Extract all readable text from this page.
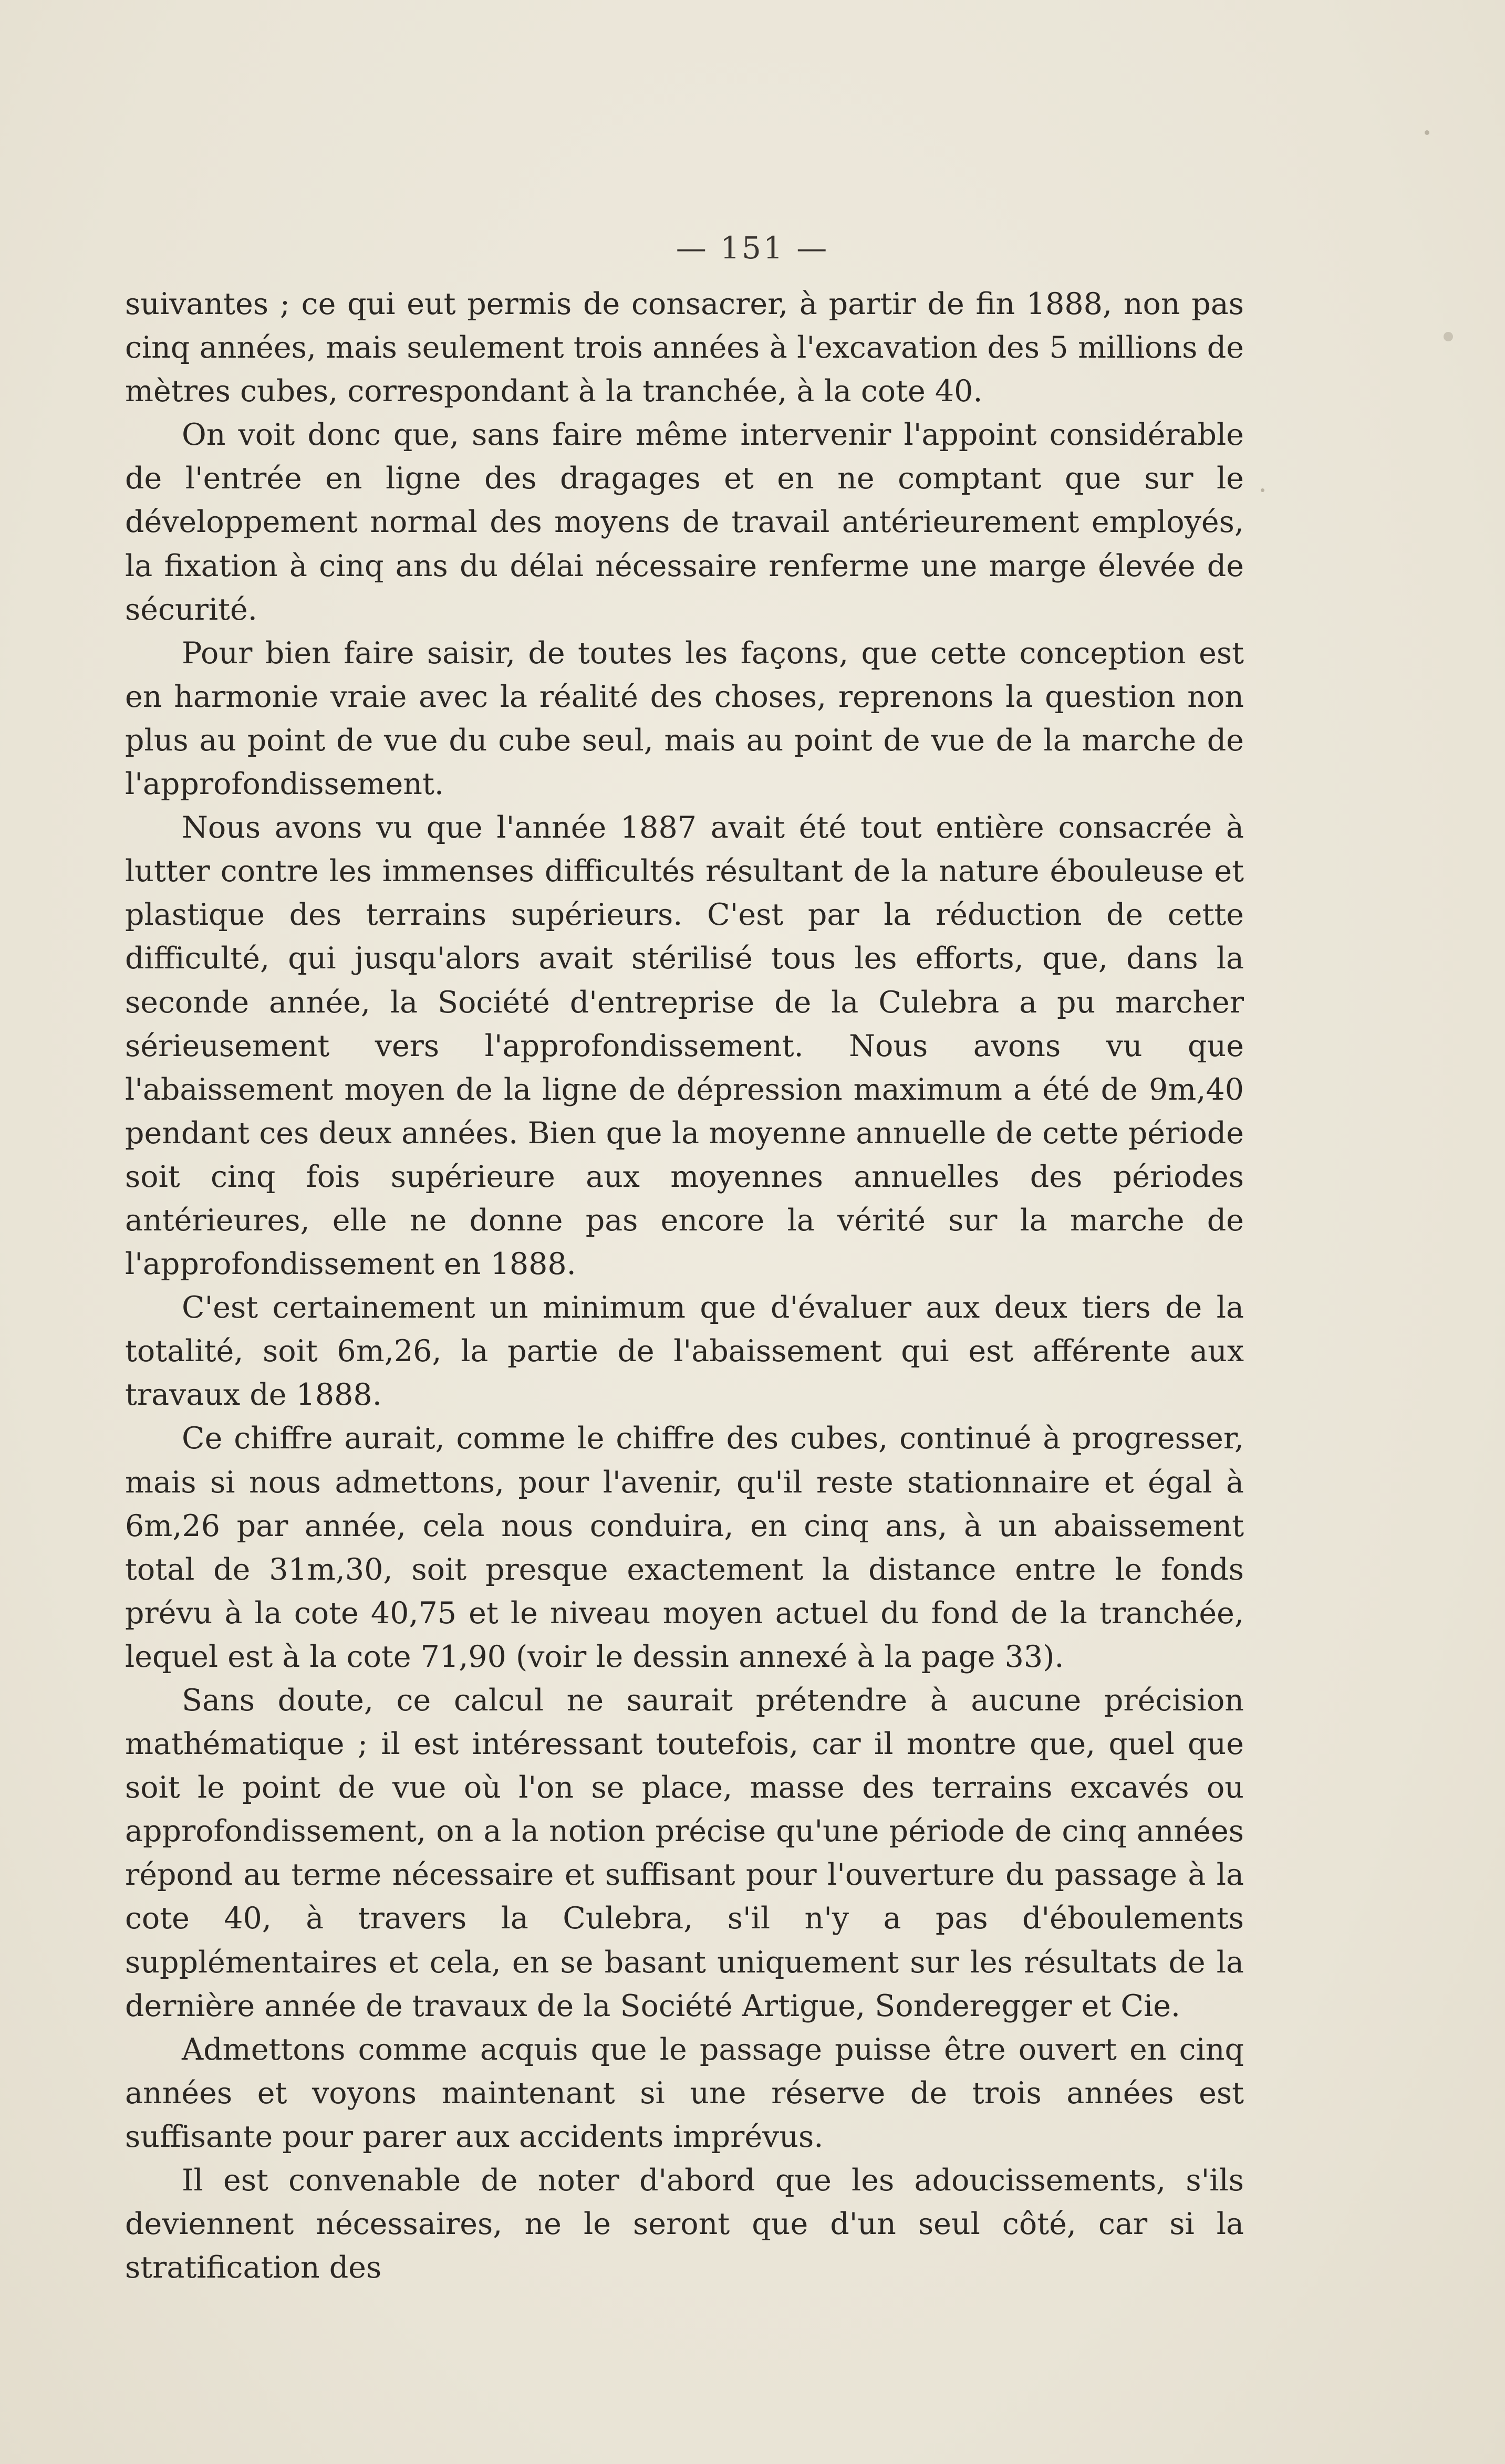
— 151 —

suivantes ; ce qui eut permis de consacrer, à partir de fin 1888, non pas cinq années, mais seulement trois années à l'excavation des 5 millions de mètres cubes, correspondant à la tranchée, à la cote 40.

On voit donc que, sans faire même intervenir l'appoint considérable de l'entrée en ligne des dragages et en ne comptant que sur le développement normal des moyens de travail antérieurement employés, la fixation à cinq ans du délai nécessaire renferme une marge élevée de sécurité.

Pour bien faire saisir, de toutes les façons, que cette conception est en harmonie vraie avec la réalité des choses, reprenons la question non plus au point de vue du cube seul, mais au point de vue de la marche de l'approfondissement.

Nous avons vu que l'année 1887 avait été tout entière consacrée à lutter contre les immenses difficultés résultant de la nature ébouleuse et plastique des terrains supérieurs. C'est par la réduction de cette difficulté, qui jusqu'alors avait stérilisé tous les efforts, que, dans la seconde année, la Société d'entreprise de la Culebra a pu marcher sérieusement vers l'approfondissement. Nous avons vu que l'abaissement moyen de la ligne de dépression maximum a été de 9m,40 pendant ces deux années. Bien que la moyenne annuelle de cette période soit cinq fois supérieure aux moyennes annuelles des périodes antérieures, elle ne donne pas encore la vérité sur la marche de l'approfondissement en 1888.

C'est certainement un minimum que d'évaluer aux deux tiers de la totalité, soit 6m,26, la partie de l'abaissement qui est afférente aux travaux de 1888.

Ce chiffre aurait, comme le chiffre des cubes, continué à progresser, mais si nous admettons, pour l'avenir, qu'il reste stationnaire et égal à 6m,26 par année, cela nous conduira, en cinq ans, à un abaissement total de 31m,30, soit presque exactement la distance entre le fonds prévu à la cote 40,75 et le niveau moyen actuel du fond de la tranchée, lequel est à la cote 71,90 (voir le dessin annexé à la page 33).

Sans doute, ce calcul ne saurait prétendre à aucune précision mathématique ; il est intéressant toutefois, car il montre que, quel que soit le point de vue où l'on se place, masse des terrains excavés ou approfondissement, on a la notion précise qu'une période de cinq années répond au terme nécessaire et suffisant pour l'ouverture du passage à la cote 40, à travers la Culebra, s'il n'y a pas d'éboulements supplémentaires et cela, en se basant uniquement sur les résultats de la dernière année de travaux de la Société Artigue, Sonderegger et Cie.

Admettons comme acquis que le passage puisse être ouvert en cinq années et voyons maintenant si une réserve de trois années est suffisante pour parer aux accidents imprévus.

Il est convenable de noter d'abord que les adoucissements, s'ils deviennent nécessaires, ne le seront que d'un seul côté, car si la stratification des
